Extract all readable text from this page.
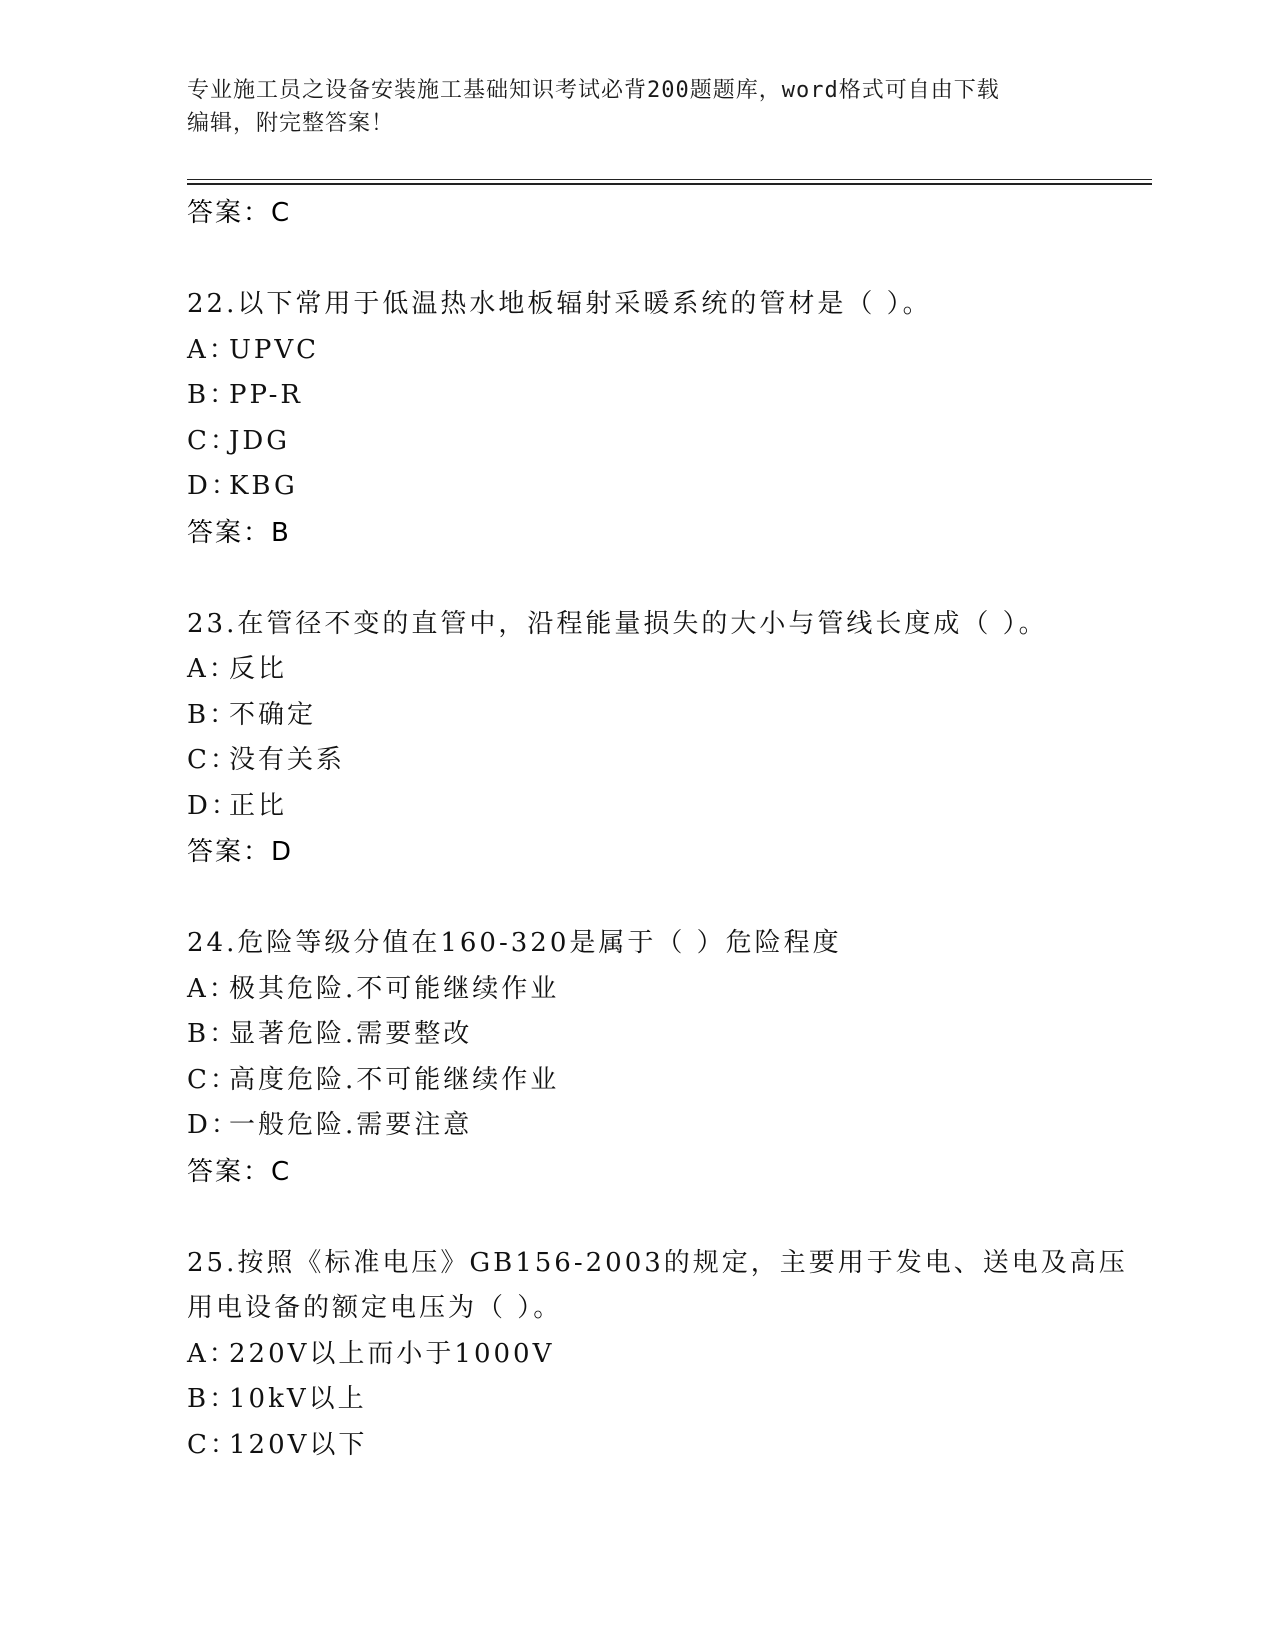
专业施工员之设备安装施工基础知识考试必背200题题库，word格式可自由下载
编辑，附完整答案！
答案：C
22.以下常用于低温热水地板辐射采暖系统的管材是（ ）。
A：UPVC
B：PP-R
C：JDG
D：KBG
答案：B
23.在管径不变的直管中，沿程能量损失的大小与管线长度成（ ）。
A：反比
B：不确定
C：没有关系
D：正比
答案：D
24.危险等级分值在160-320是属于（ ）危险程度
A：极其危险.不可能继续作业
B：显著危险.需要整改
C：高度危险.不可能继续作业
D：一般危险.需要注意
答案：C
25.按照《标准电压》GB156-2003的规定，主要用于发电、送电及高压
用电设备的额定电压为（ ）。
A：220V以上而小于1000V
B：10kV以上
C：120V以下
